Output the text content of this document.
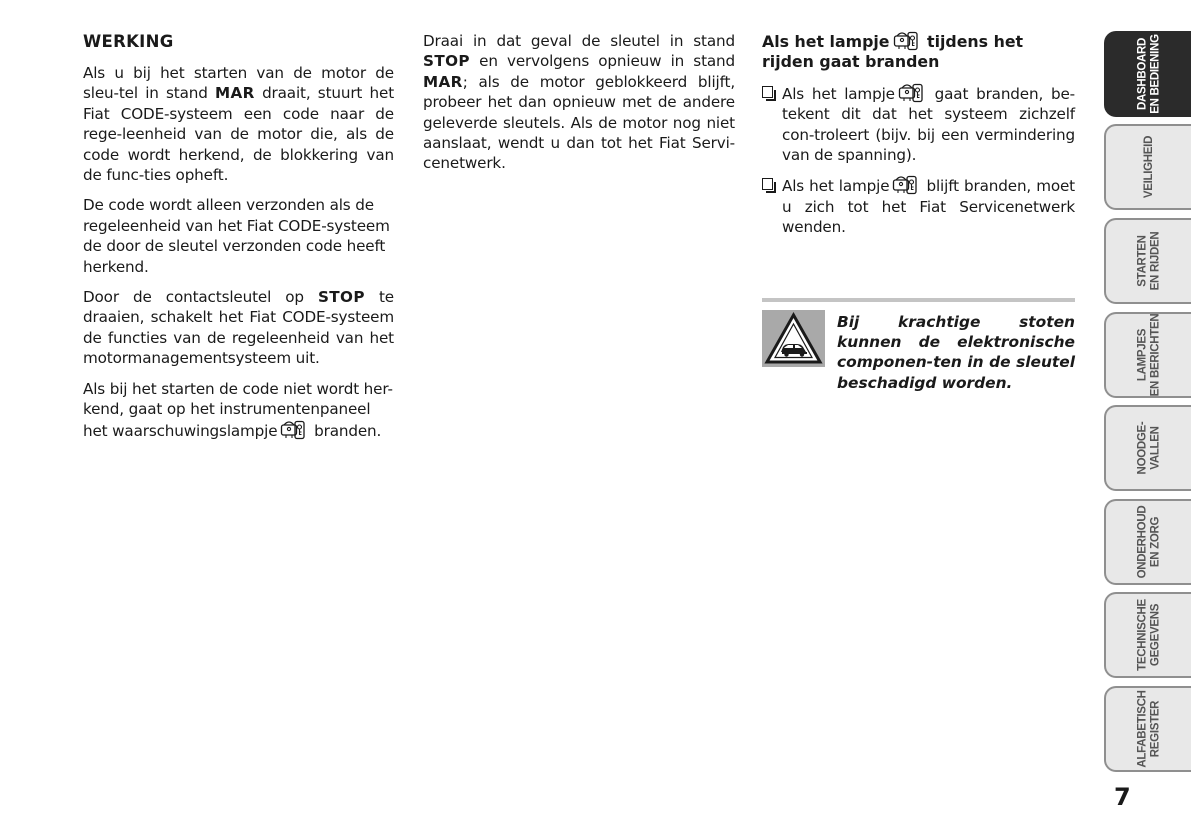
WERKING

Als u bij het starten van de motor de sleu-tel in stand MAR draait, stuurt het Fiat CODE-systeem een code naar de rege-leenheid van de motor die, als de code wordt herkend, de blokkering van de func-ties opheft.

De code wordt alleen verzonden als de regeleenheid van het Fiat CODE-systeem de door de sleutel verzonden code heeft herkend.

Door de contactsleutel op STOP te draaien, schakelt het Fiat CODE-systeem de functies van de regeleenheid van het motormanagementsysteem uit.

Als bij het starten de code niet wordt her-kend, gaat op het instrumentenpaneel het waarschuwingslampje branden.

Draai in dat geval de sleutel in stand STOP en vervolgens opnieuw in stand MAR; als de motor geblokkeerd blijft, probeer het dan opnieuw met de andere geleverde sleutels. Als de motor nog niet aanslaat, wendt u dan tot het Fiat Servi-cenetwerk.

Als het lampje tijdens het rijden gaat branden
Als het lampje gaat branden, be-tekent dit dat het systeem zichzelf con-troleert (bijv. bij een vermindering van de spanning).
Als het lampje blijft branden, moet u zich tot het Fiat Servicenetwerk wenden.
Bij krachtige stoten kunnen de elektronische componen-ten in de sleutel beschadigd worden.
DASHBOARD
EN BEDIENING
VEILIGHEID
STARTEN
EN RIJDEN
LAMPJES
EN BERICHTEN
NOODGE-
VALLEN
ONDERHOUD
EN ZORG
TECHNISCHE
GEGEVENS
ALFABETISCH
REGISTER
7
